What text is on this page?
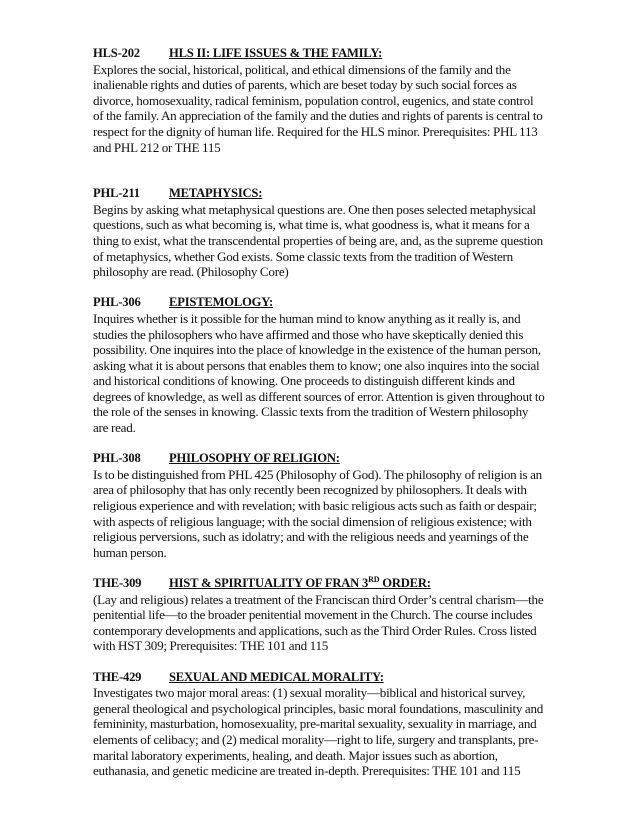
HLS-202 HLS II: LIFE ISSUES & THE FAMILY:
Explores the social, historical, political, and ethical dimensions of the family and the inalienable rights and duties of parents, which are beset today by such social forces as divorce, homosexuality, radical feminism, population control, eugenics, and state control of the family. An appreciation of the family and the duties and rights of parents is central to respect for the dignity of human life. Required for the HLS minor. Prerequisites: PHL 113 and PHL 212 or THE 115
PHL-211 METAPHYSICS:
Begins by asking what metaphysical questions are. One then poses selected metaphysical questions, such as what becoming is, what time is, what goodness is, what it means for a thing to exist, what the transcendental properties of being are, and, as the supreme question of metaphysics, whether God exists. Some classic texts from the tradition of Western philosophy are read. (Philosophy Core)
PHL-306 EPISTEMOLOGY:
Inquires whether is it possible for the human mind to know anything as it really is, and studies the philosophers who have affirmed and those who have skeptically denied this possibility. One inquires into the place of knowledge in the existence of the human person, asking what it is about persons that enables them to know; one also inquires into the social and historical conditions of knowing. One proceeds to distinguish different kinds and degrees of knowledge, as well as different sources of error. Attention is given throughout to the role of the senses in knowing. Classic texts from the tradition of Western philosophy are read.
PHL-308 PHILOSOPHY OF RELIGION:
Is to be distinguished from PHL 425 (Philosophy of God). The philosophy of religion is an area of philosophy that has only recently been recognized by philosophers. It deals with religious experience and with revelation; with basic religious acts such as faith or despair; with aspects of religious language; with the social dimension of religious existence; with religious perversions, such as idolatry; and with the religious needs and yearnings of the human person.
THE-309 HIST & SPIRITUALITY OF FRAN 3RD ORDER:
(Lay and religious) relates a treatment of the Franciscan third Order’s central charism—the penitential life—to the broader penitential movement in the Church. The course includes contemporary developments and applications, such as the Third Order Rules. Cross listed with HST 309; Prerequisites: THE 101 and 115
THE-429 SEXUAL AND MEDICAL MORALITY:
Investigates two major moral areas: (1) sexual morality—biblical and historical survey, general theological and psychological principles, basic moral foundations, masculinity and femininity, masturbation, homosexuality, pre-marital sexuality, sexuality in marriage, and elements of celibacy; and (2) medical morality—right to life, surgery and transplants, pre-marital laboratory experiments, healing, and death. Major issues such as abortion, euthanasia, and genetic medicine are treated in-depth. Prerequisites: THE 101 and 115
